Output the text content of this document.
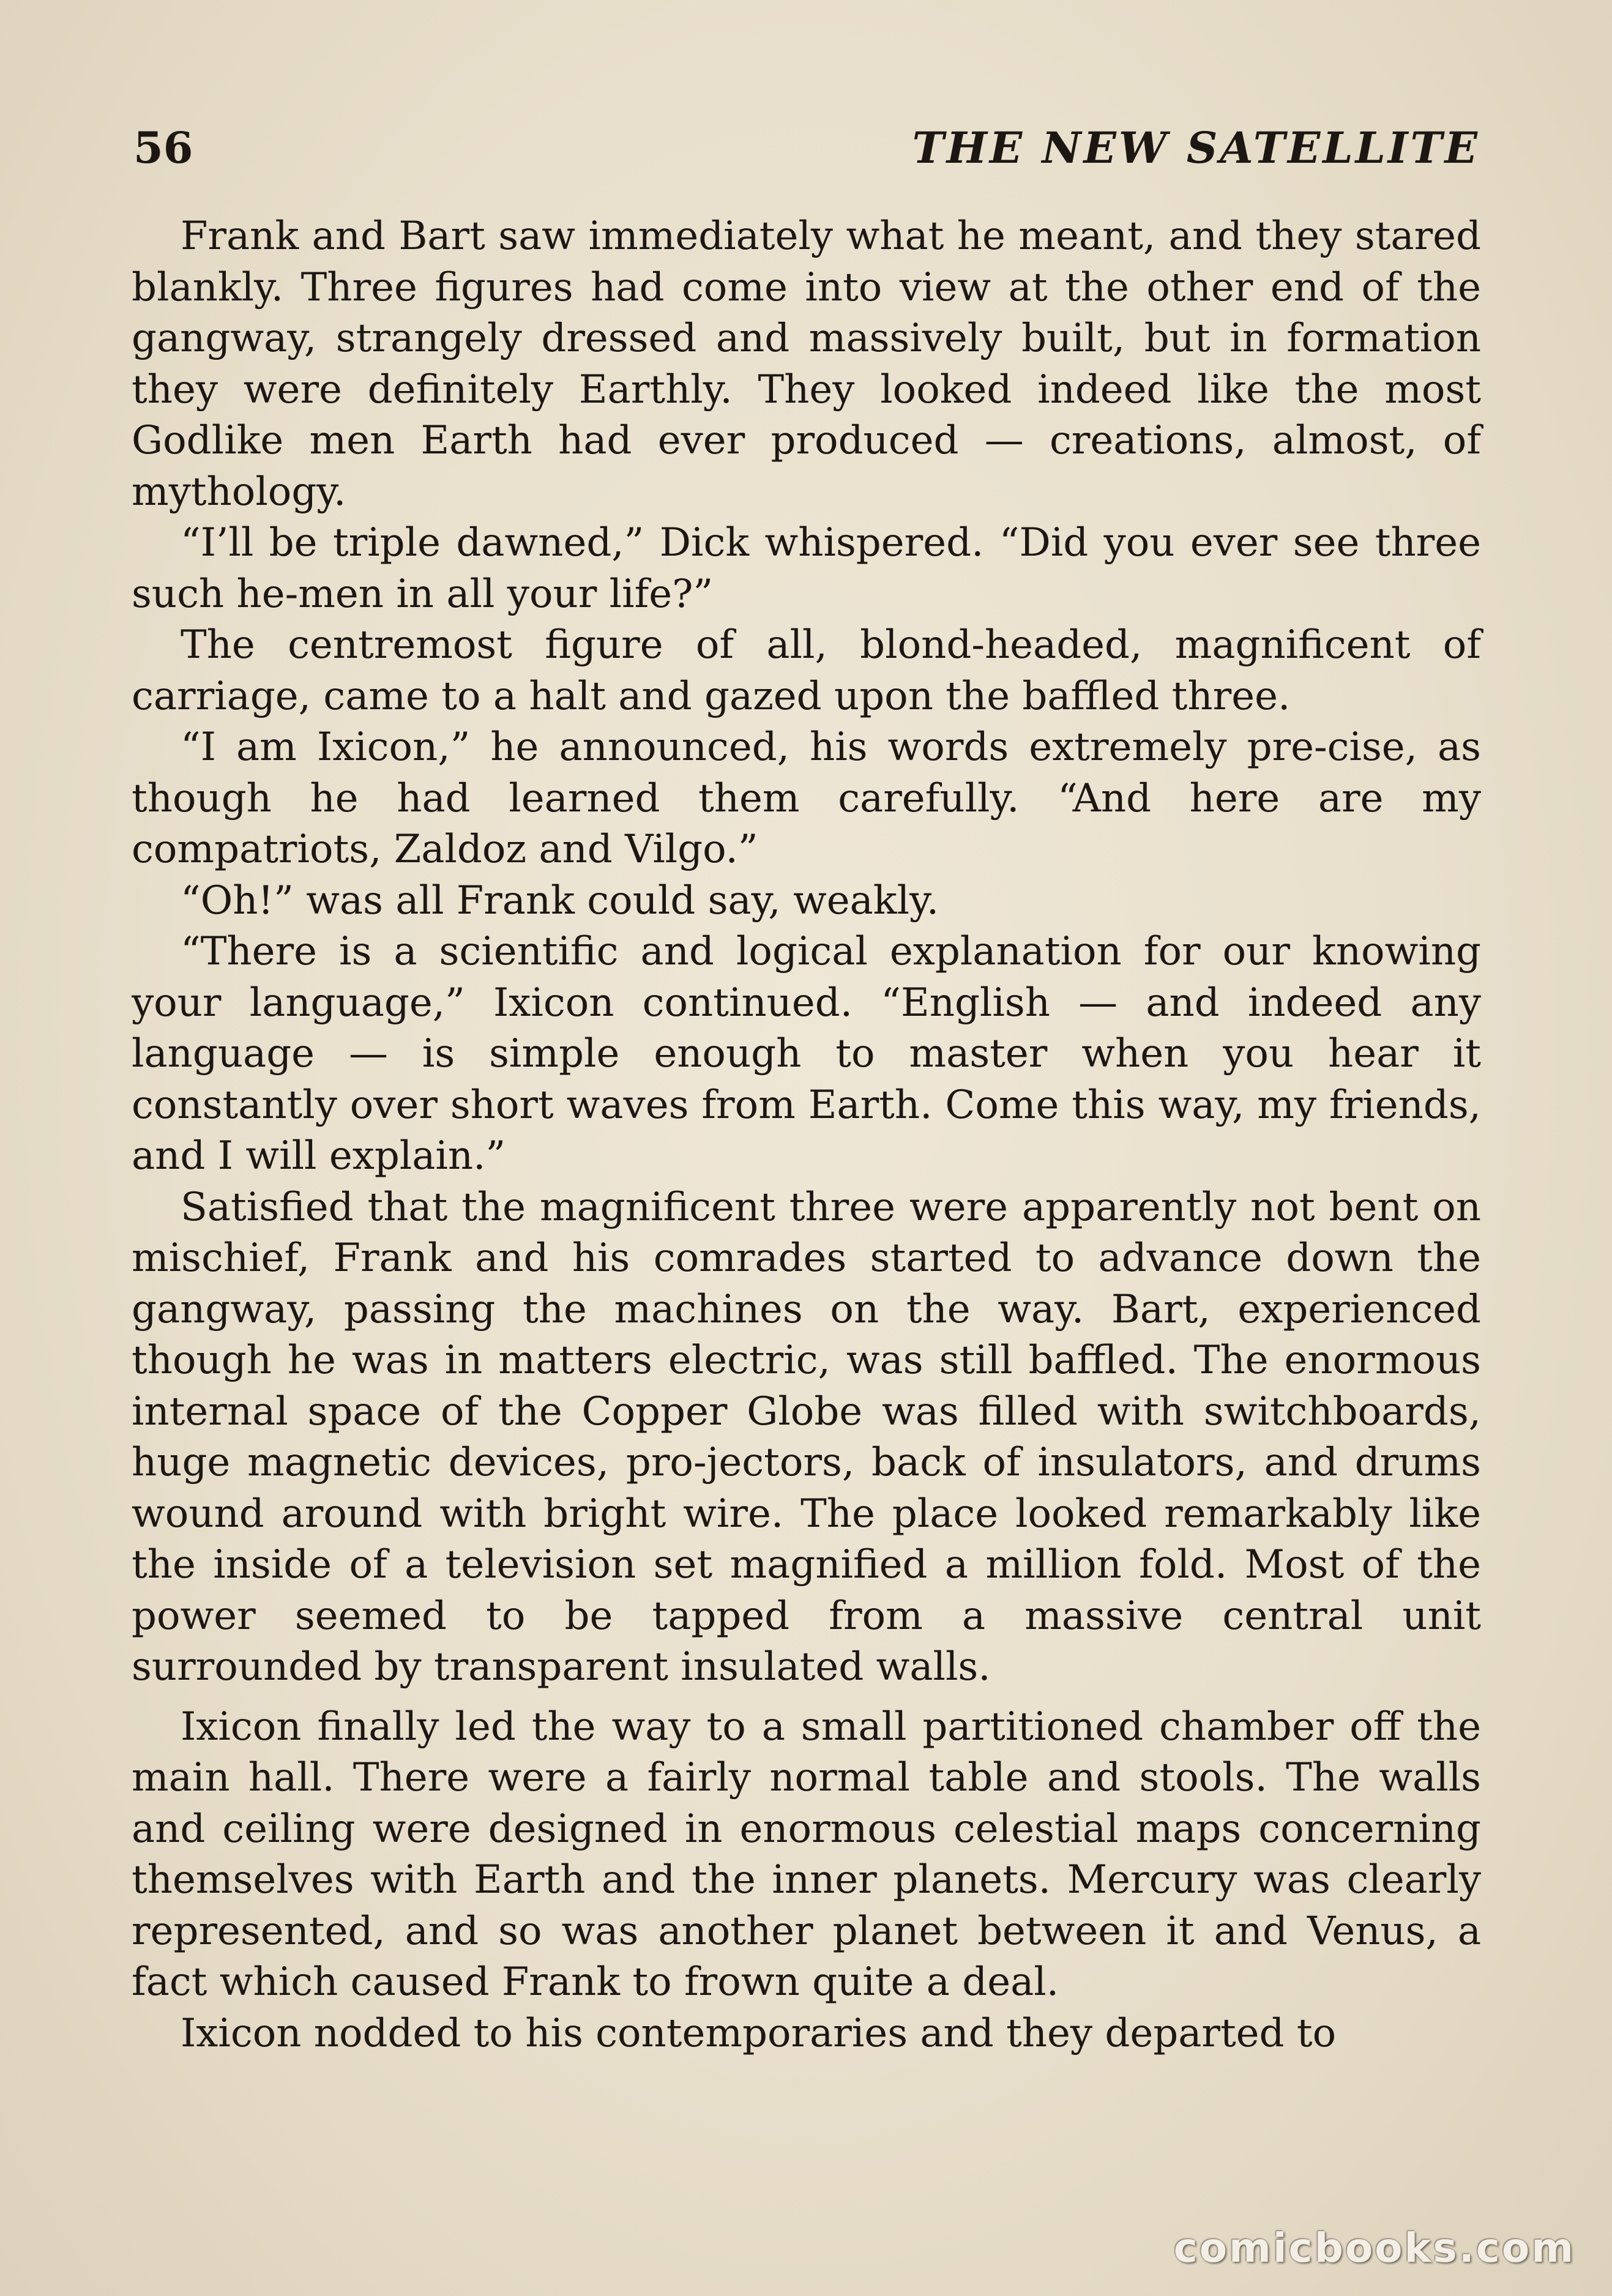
56	THE NEW SATELLITE

Frank and Bart saw immediately what he meant, and they stared blankly. Three figures had come into view at the other end of the gangway, strangely dressed and massively built, but in formation they were definitely Earthly. They looked indeed like the most Godlike men Earth had ever produced — creations, almost, of mythology.

“I’ll be triple dawned,” Dick whispered. “Did you ever see three such he-men in all your life?”

The centremost figure of all, blond-headed, magnificent of carriage, came to a halt and gazed upon the baffled three.

“I am Ixicon,” he announced, his words extremely pre-cise, as though he had learned them carefully. “And here are my compatriots, Zaldoz and Vilgo.”

“Oh!” was all Frank could say, weakly.

“There is a scientific and logical explanation for our knowing your language,” Ixicon continued. “English — and indeed any language — is simple enough to master when you hear it constantly over short waves from Earth. Come this way, my friends, and I will explain.”

Satisfied that the magnificent three were apparently not bent on mischief, Frank and his comrades started to advance down the gangway, passing the machines on the way. Bart, experienced though he was in matters electric, was still baffled. The enormous internal space of the Copper Globe was filled with switchboards, huge magnetic devices, pro-jectors, back of insulators, and drums wound around with bright wire. The place looked remarkably like the inside of a television set magnified a million fold. Most of the power seemed to be tapped from a massive central unit surrounded by transparent insulated walls.

Ixicon finally led the way to a small partitioned chamber off the main hall. There were a fairly normal table and stools. The walls and ceiling were designed in enormous celestial maps concerning themselves with Earth and the inner planets. Mercury was clearly represented, and so was another planet between it and Venus, a fact which caused Frank to frown quite a deal.

Ixicon nodded to his contemporaries and they departed to

comicbooks.com
